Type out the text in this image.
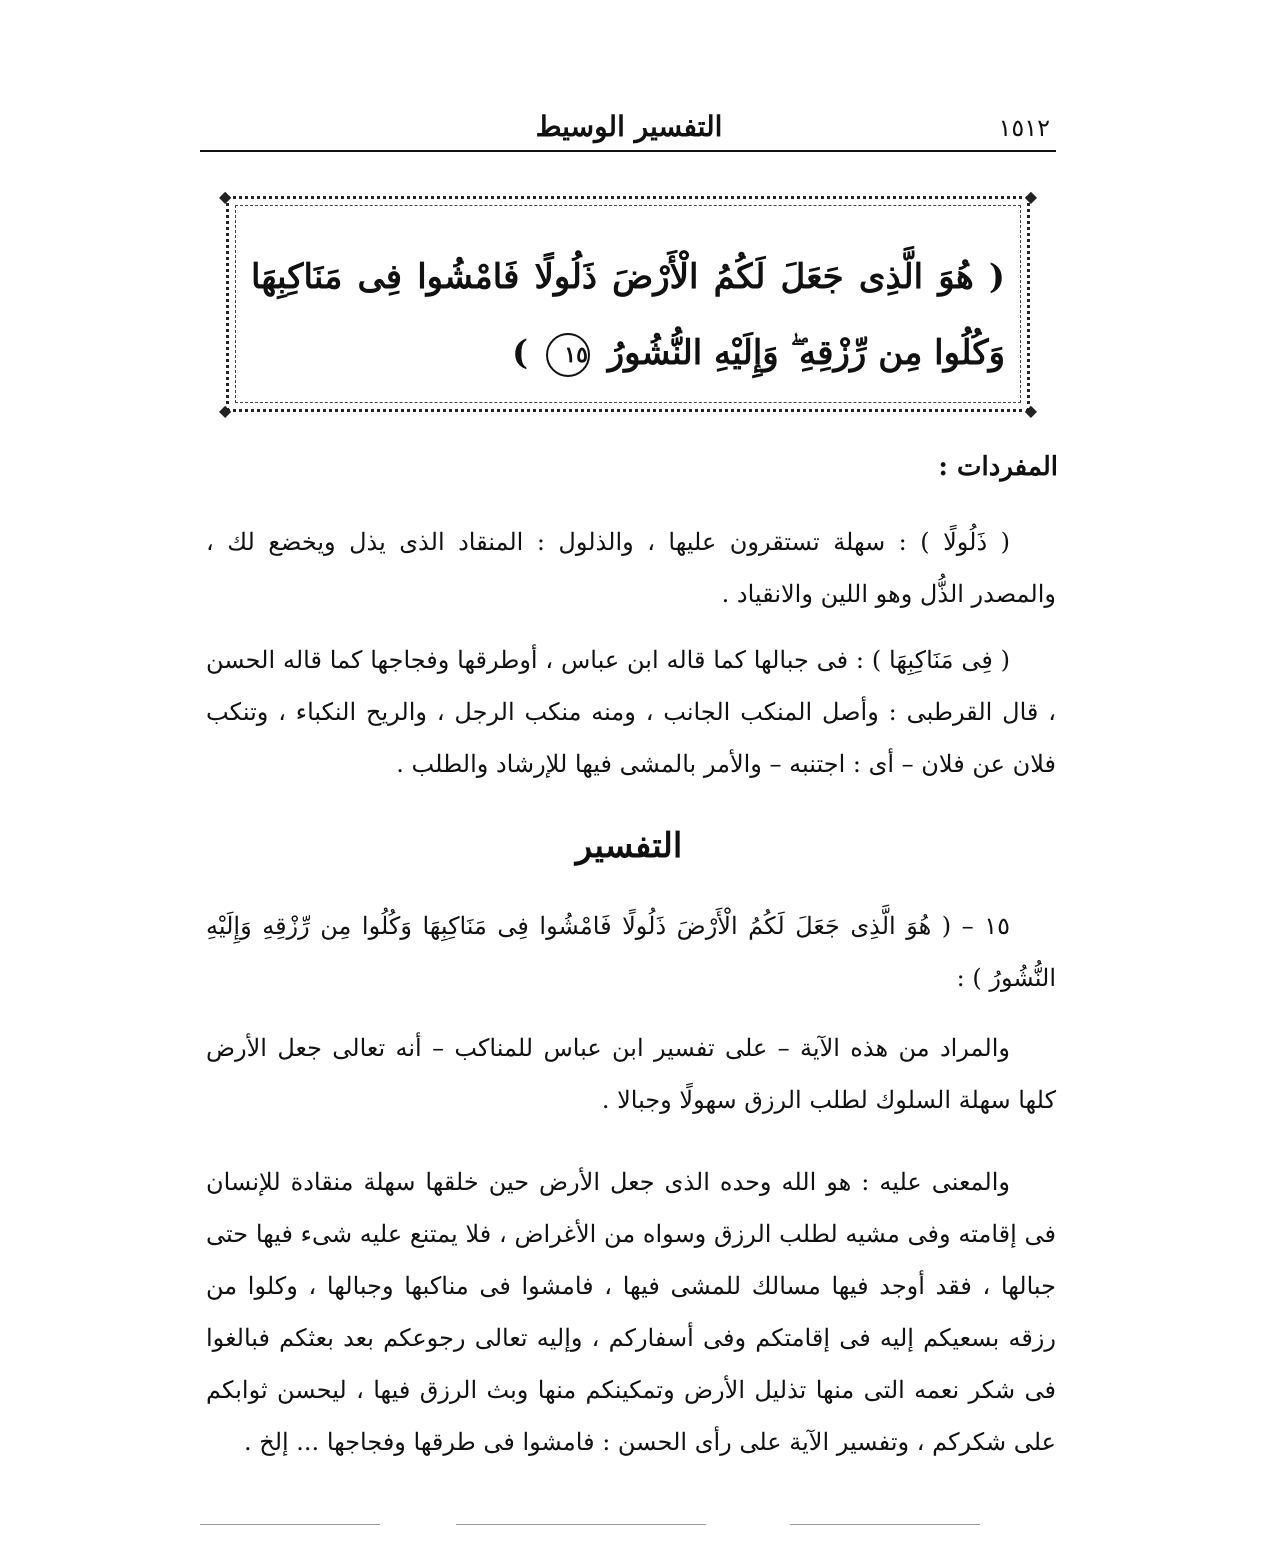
١٥١٢
التفسير الوسيط
◆	◆
◆	◆
( هُوَ الَّذِى جَعَلَ لَكُمُ الْأَرْضَ ذَلُولًا فَامْشُوا فِى مَنَاكِبِهَا وَكُلُوا مِن رِّزْقِهِ ۖ وَإِلَيْهِ النُّشُورُ ١٥ )
المفردات :
( ذَلُولًا ) : سهلة تستقرون عليها ، والذلول : المنقاد الذى يذل ويخضع لك ، والمصدر الذُّل وهو اللين والانقياد .
( فِى مَنَاكِبِهَا ) : فى جبالها كما قاله ابن عباس ، أوطرقها وفجاجها كما قاله الحسن ، قال القرطبى : وأصل المنكب الجانب ، ومنه منكب الرجل ، والريح النكباء ، وتنكب فلان عن فلان – أى : اجتنبه – والأمر بالمشى فيها للإرشاد والطلب .
التفسير
١٥ – ( هُوَ الَّذِى جَعَلَ لَكُمُ الْأَرْضَ ذَلُولًا فَامْشُوا فِى مَنَاكِبِهَا وَكُلُوا مِن رِّزْقِهِ وَإِلَيْهِ النُّشُورُ ) :
والمراد من هذه الآية – على تفسير ابن عباس للمناكب – أنه تعالى جعل الأرض كلها سهلة السلوك لطلب الرزق سهولًا وجبالا .
والمعنى عليه : هو الله وحده الذى جعل الأرض حين خلقها سهلة منقادة للإنسان فى إقامته وفى مشيه لطلب الرزق وسواه من الأغراض ، فلا يمتنع عليه شىء فيها حتى جبالها ، فقد أوجد فيها مسالك للمشى فيها ، فامشوا فى مناكبها وجبالها ، وكلوا من رزقه بسعيكم إليه فى إقامتكم وفى أسفاركم ، وإليه تعالى رجوعكم بعد بعثكم فبالغوا فى شكر نعمه التى منها تذليل الأرض وتمكينكم منها وبث الرزق فيها ، ليحسن ثوابكم على شكركم ، وتفسير الآية على رأى الحسن : فامشوا فى طرقها وفجاجها ... إلخ .
